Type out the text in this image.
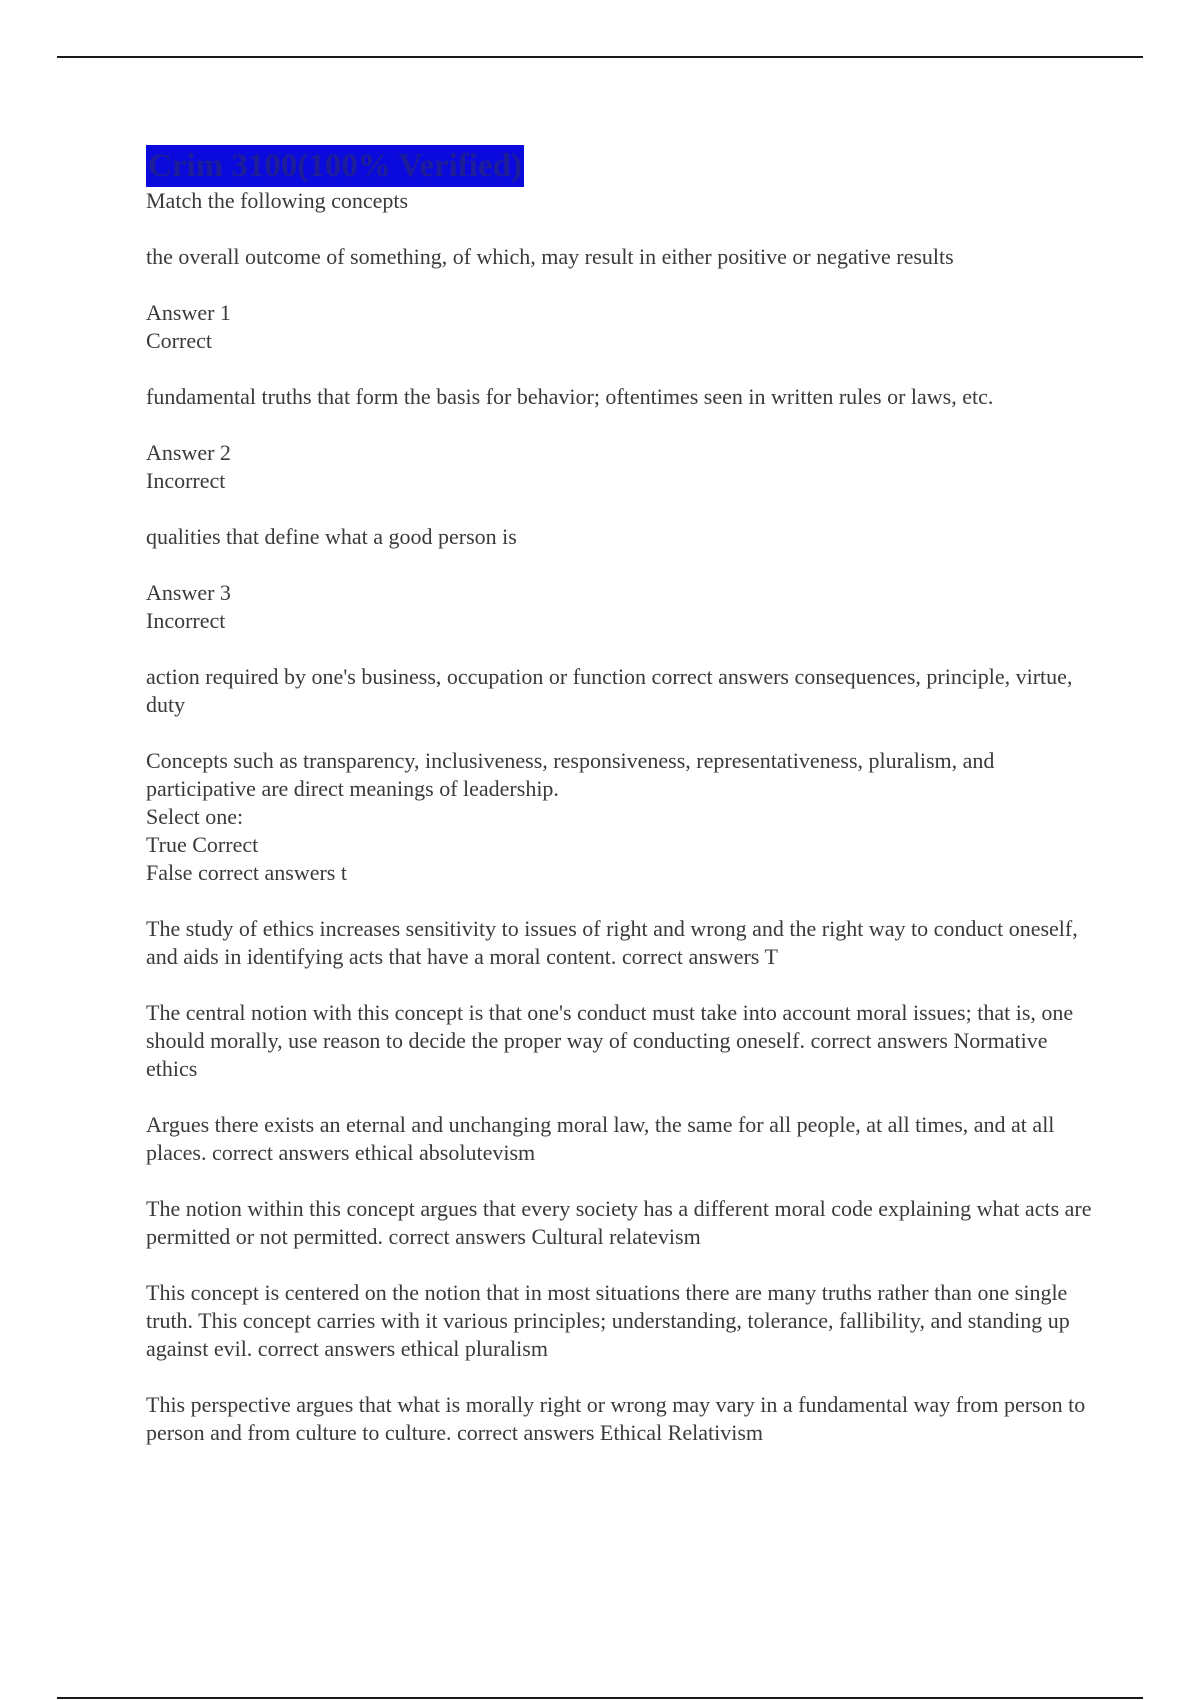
Crim 3100(100% Verified)

Match the following concepts

the overall outcome of something, of which, may result in either positive or negative results

Answer 1

Correct

fundamental truths that form the basis for behavior; oftentimes seen in written rules or laws, etc.

Answer 2

Incorrect

qualities that define what a good person is

Answer 3

Incorrect

action required by one's business, occupation or function correct answers consequences, principle, virtue, duty

Concepts such as transparency, inclusiveness, responsiveness, representativeness, pluralism, and participative are direct meanings of leadership.

Select one:

True Correct

False correct answers t

The study of ethics increases sensitivity to issues of right and wrong and the right way to conduct oneself, and aids in identifying acts that have a moral content. correct answers T

The central notion with this concept is that one's conduct must take into account moral issues; that is, one should morally, use reason to decide the proper way of conducting oneself. correct answers Normative ethics

Argues there exists an eternal and unchanging moral law, the same for all people, at all times, and at all places. correct answers ethical absolutevism

The notion within this concept argues that every society has a different moral code explaining what acts are permitted or not permitted. correct answers Cultural relatevism

This concept is centered on the notion that in most situations there are many truths rather than one single truth. This concept carries with it various principles; understanding, tolerance, fallibility, and standing up against evil. correct answers ethical pluralism

This perspective argues that what is morally right or wrong may vary in a fundamental way from person to person and from culture to culture. correct answers Ethical Relativism
